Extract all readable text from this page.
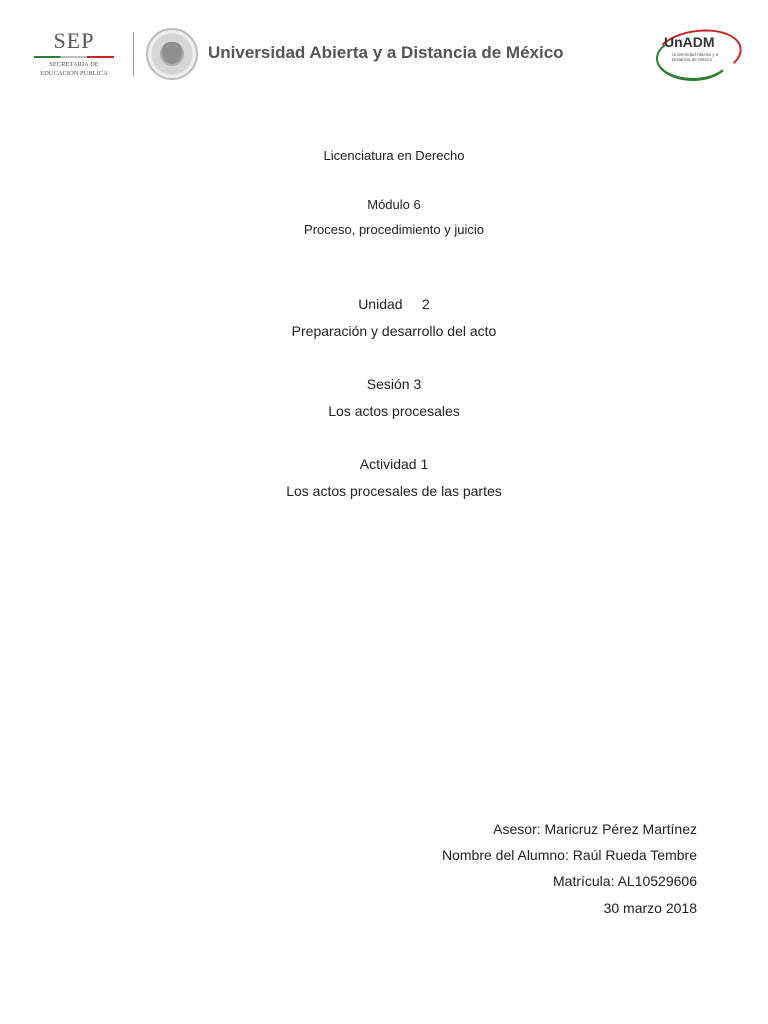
SEP
SECRETARÍA DE
EDUCACIÓN PÚBLICA
Universidad Abierta y a Distancia de México
UnADM
Universidad Abierta y a Distancia de México
Licenciatura en Derecho
Módulo 6
Proceso, procedimiento y juicio
Unidad     2
Preparación y desarrollo del acto
Sesión 3
Los actos procesales
Actividad 1
Los actos procesales de las partes
Asesor: Maricruz Pérez Martínez
Nombre del Alumno: Raúl Rueda Tembre
Matrícula: AL10529606
30 marzo 2018
